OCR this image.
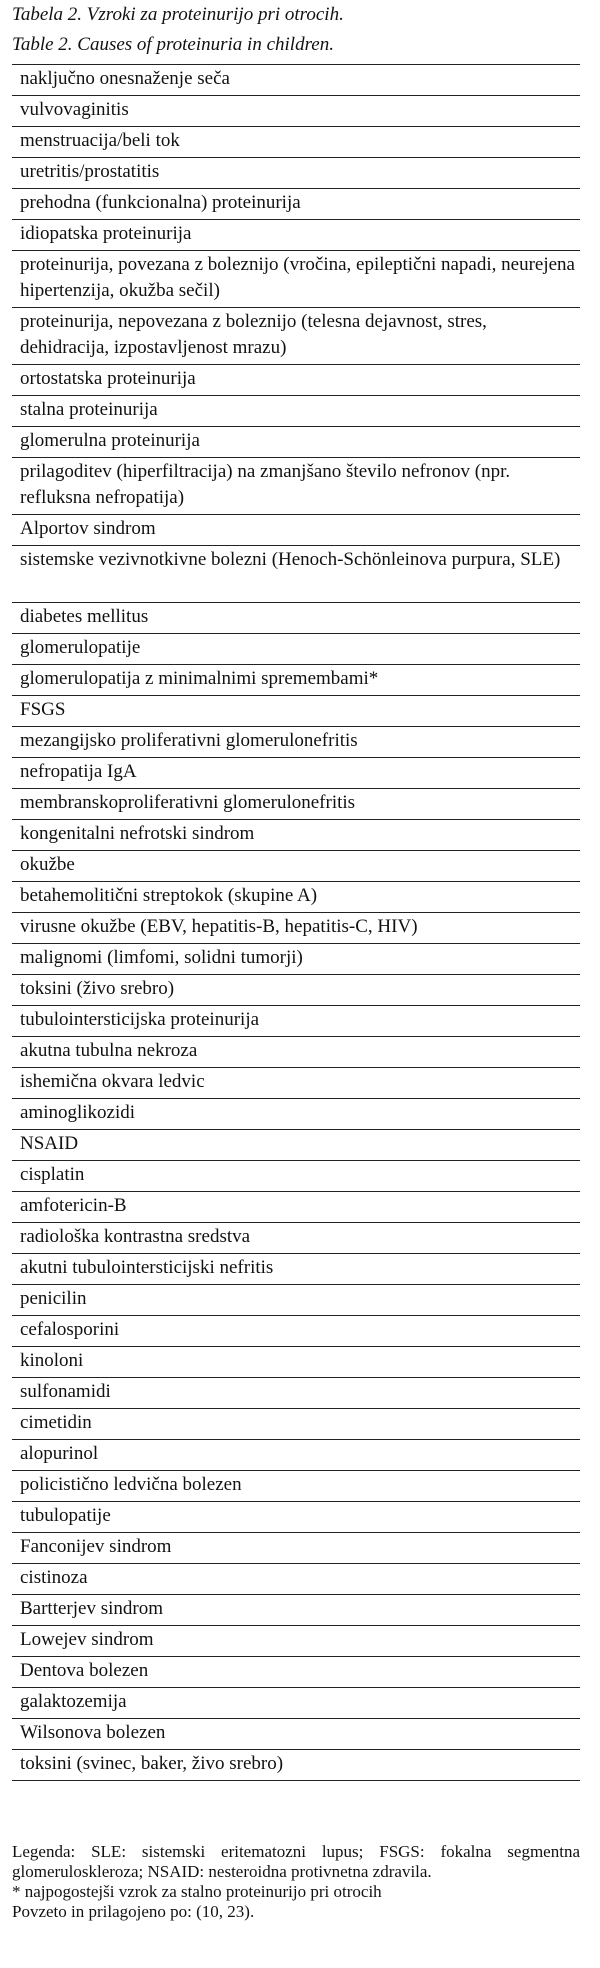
Tabela 2. Vzroki za proteinurijo pri otrocih.
Table 2. Causes of proteinuria in children.
naključno onesnaženje seča
vulvovaginitis
menstruacija/beli tok
uretritis/prostatitis
prehodna (funkcionalna) proteinurija
idiopatska proteinurija
proteinurija, povezana z boleznijo (vročina, epileptični napadi, neurejena hipertenzija, okužba sečil)
proteinurija, nepovezana z boleznijo (telesna dejavnost, stres, dehidracija, izpostavljenost mrazu)
ortostatska proteinurija
stalna proteinurija
glomerulna proteinurija
prilagoditev (hiperfiltracija) na zmanjšano število nefronov (npr. refluksna nefropatija)
Alportov sindrom
sistemske vezivnotkivne bolezni (Henoch-Schönleinova purpura, SLE)
diabetes mellitus
glomerulopatije
glomerulopatija z minimalnimi spremembami*
FSGS
mezangijsko proliferativni glomerulonefritis
nefropatija IgA
membranskoproliferativni glomerulonefritis
kongenitalni nefrotski sindrom
okužbe
betahemolitični streptokok (skupine A)
virusne okužbe (EBV, hepatitis-B, hepatitis-C, HIV)
malignomi (limfomi, solidni tumorji)
toksini (živo srebro)
tubulointersticijska proteinurija
akutna tubulna nekroza
ishemična okvara ledvic
aminoglikozidi
NSAID
cisplatin
amfotericin-B
radiološka kontrastna sredstva
akutni tubulointersticijski nefritis
penicilin
cefalosporini
kinoloni
sulfonamidi
cimetidin
alopurinol
policistično ledvična bolezen
tubulopatije
Fanconijev sindrom
cistinoza
Bartterjev sindrom
Lowejev sindrom
Dentova bolezen
galaktozemija
Wilsonova bolezen
toksini (svinec, baker, živo srebro)

Legenda: SLE: sistemski eritematozni lupus; FSGS: fokalna segmentna glomeruloskleroza; NSAID: nesteroidna protivnetna zdravila.

* najpogostejši vzrok za stalno proteinurijo pri otrocih

Povzeto in prilagojeno po: (10, 23).
